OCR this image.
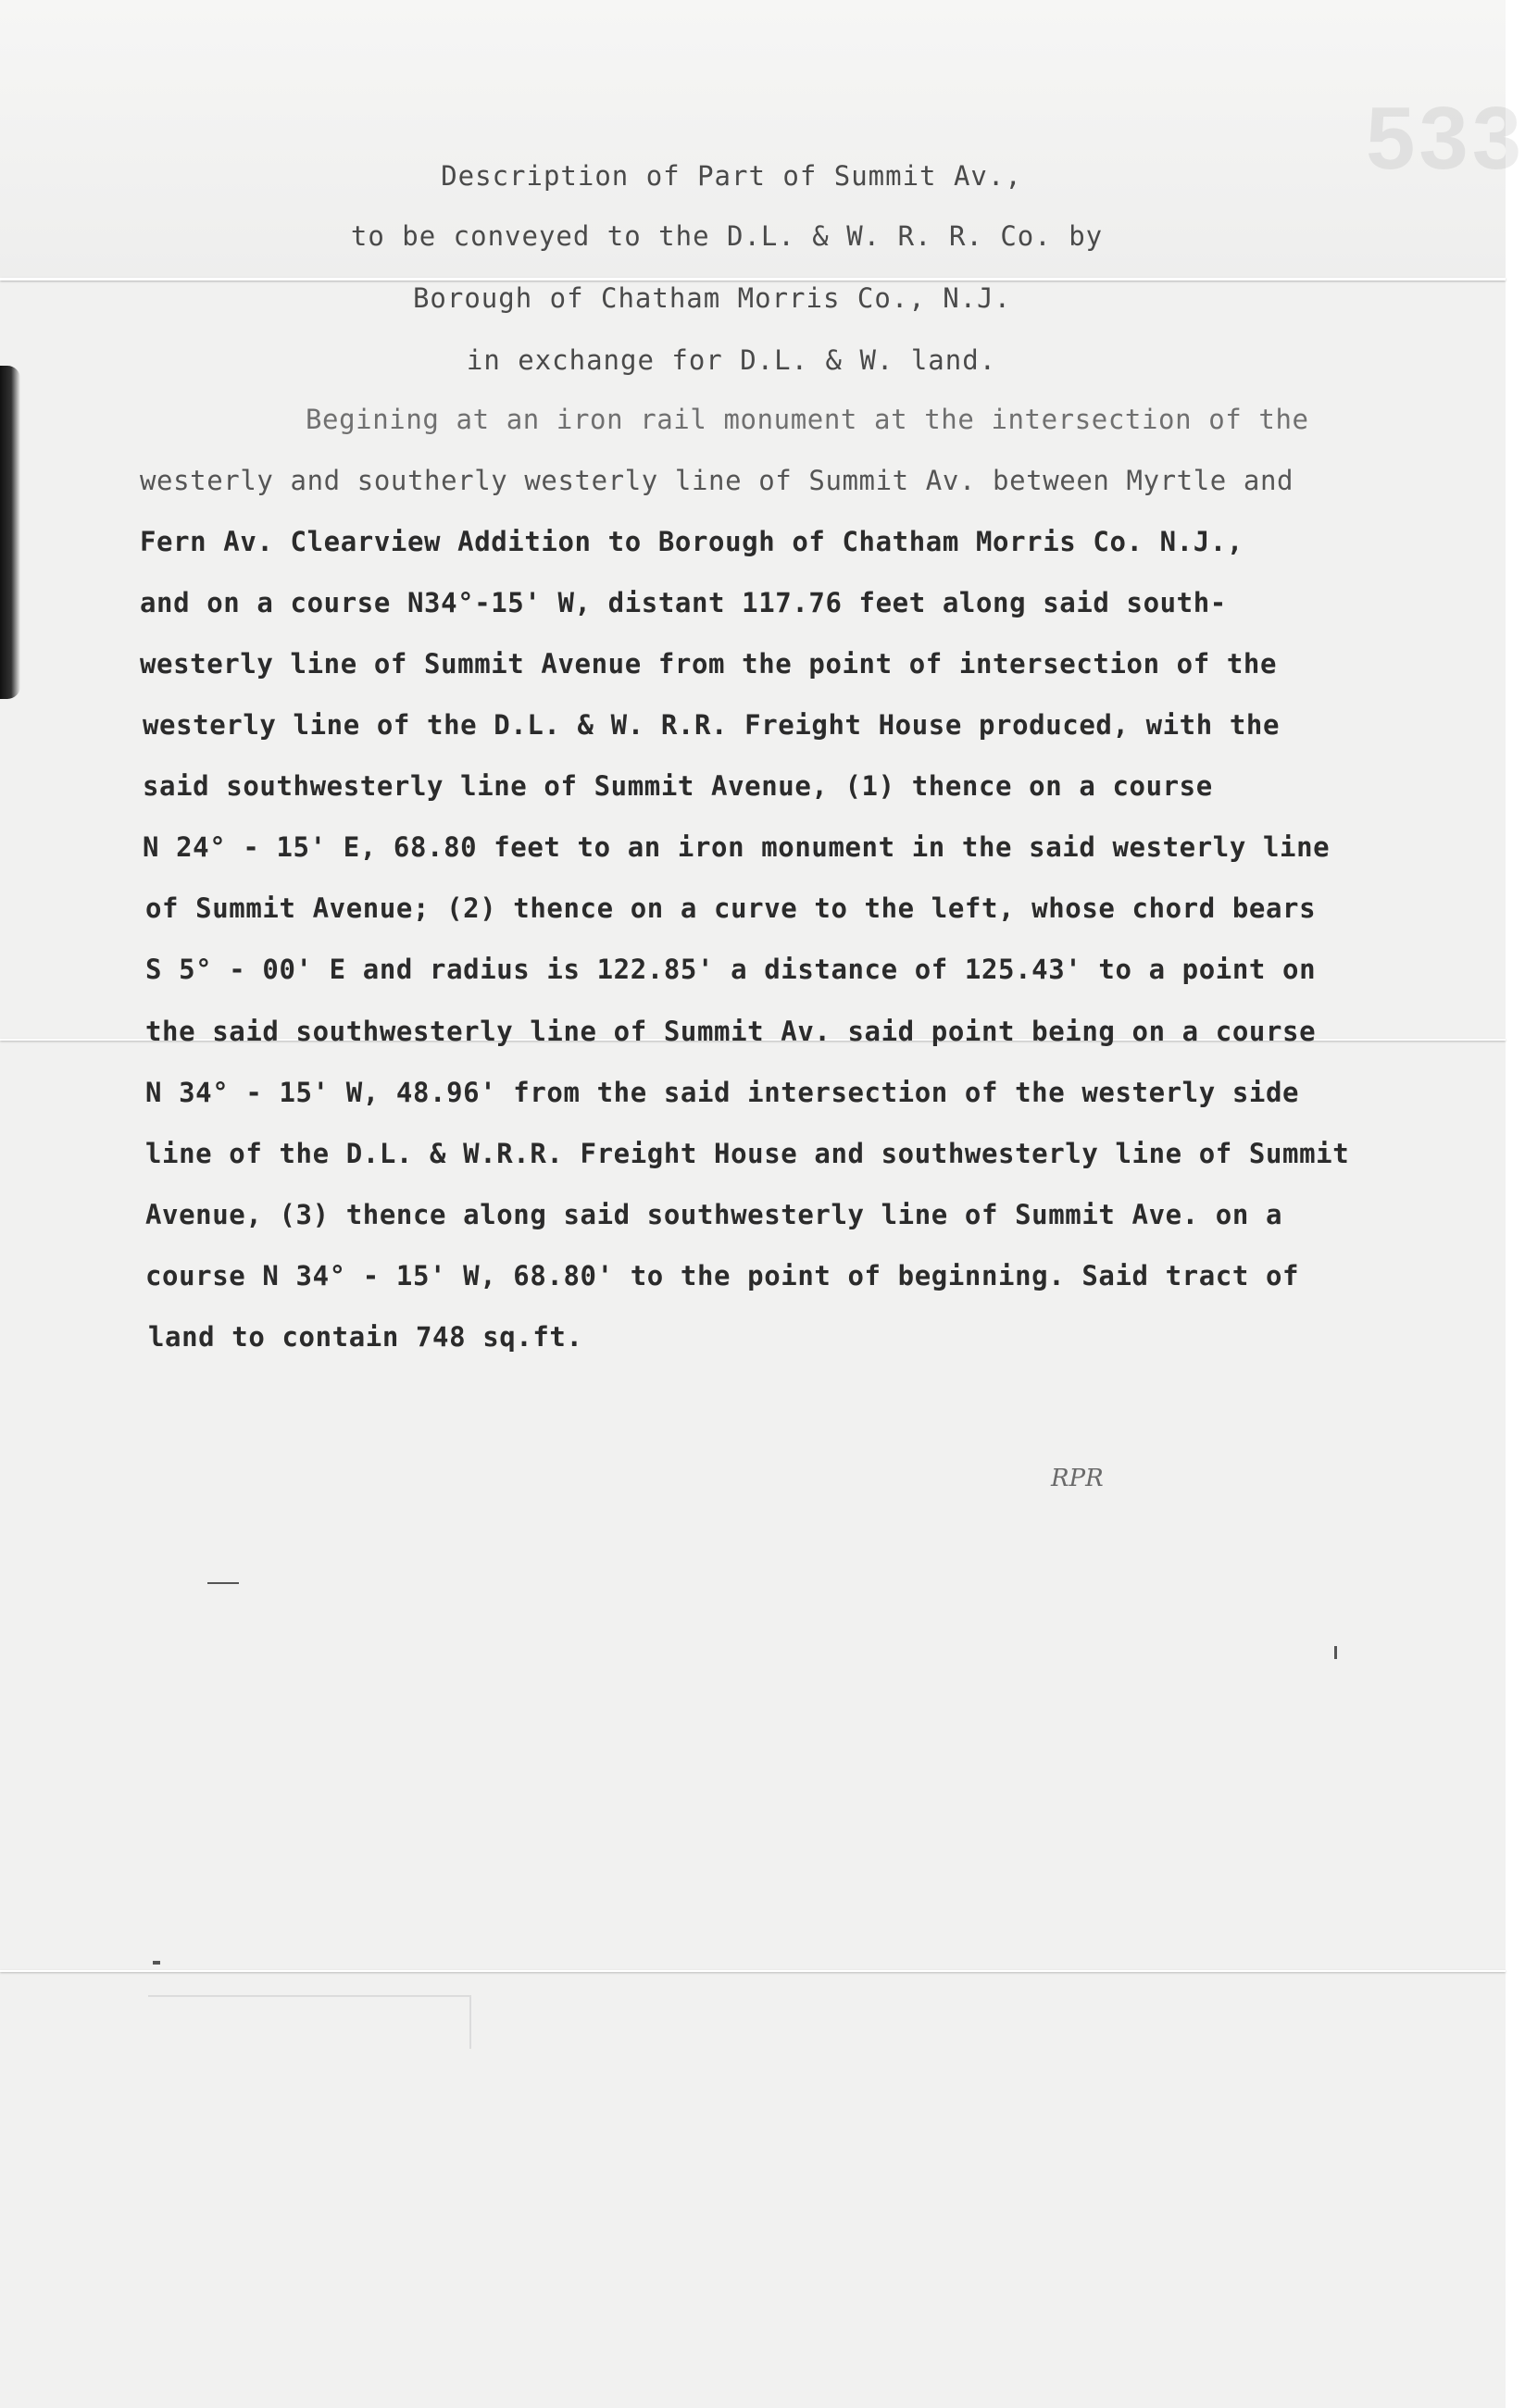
533
Description of Part of Summit Av.,
to be conveyed to the D.L. & W. R. R. Co. by
Borough of Chatham Morris Co., N.J.
in exchange for D.L. & W. land.
Begining at an iron rail monument at the intersection of the
westerly and southerly westerly line of Summit Av. between Myrtle and
Fern Av. Clearview Addition to Borough of Chatham Morris Co. N.J.,
and on a course N34°-15' W, distant 117.76 feet along said south-
westerly line of Summit Avenue from the point of intersection of the
westerly line of the D.L. & W. R.R. Freight House produced, with the
said southwesterly line of Summit Avenue, (1) thence on a course
N 24° - 15' E, 68.80 feet to an iron monument in the said westerly line
of Summit Avenue; (2) thence on a curve to the left, whose chord bears
S 5° - 00' E and radius is 122.85' a distance of 125.43' to a point on
the said southwesterly line of Summit Av. said point being on a course
N 34° - 15' W, 48.96' from the said intersection of the westerly side
line of the D.L. & W.R.R. Freight House and southwesterly line of Summit
Avenue, (3) thence along said southwesterly line of Summit Ave. on a
course N 34° - 15' W, 68.80' to the point of beginning. Said tract of
land to contain 748 sq.ft.
RPR
